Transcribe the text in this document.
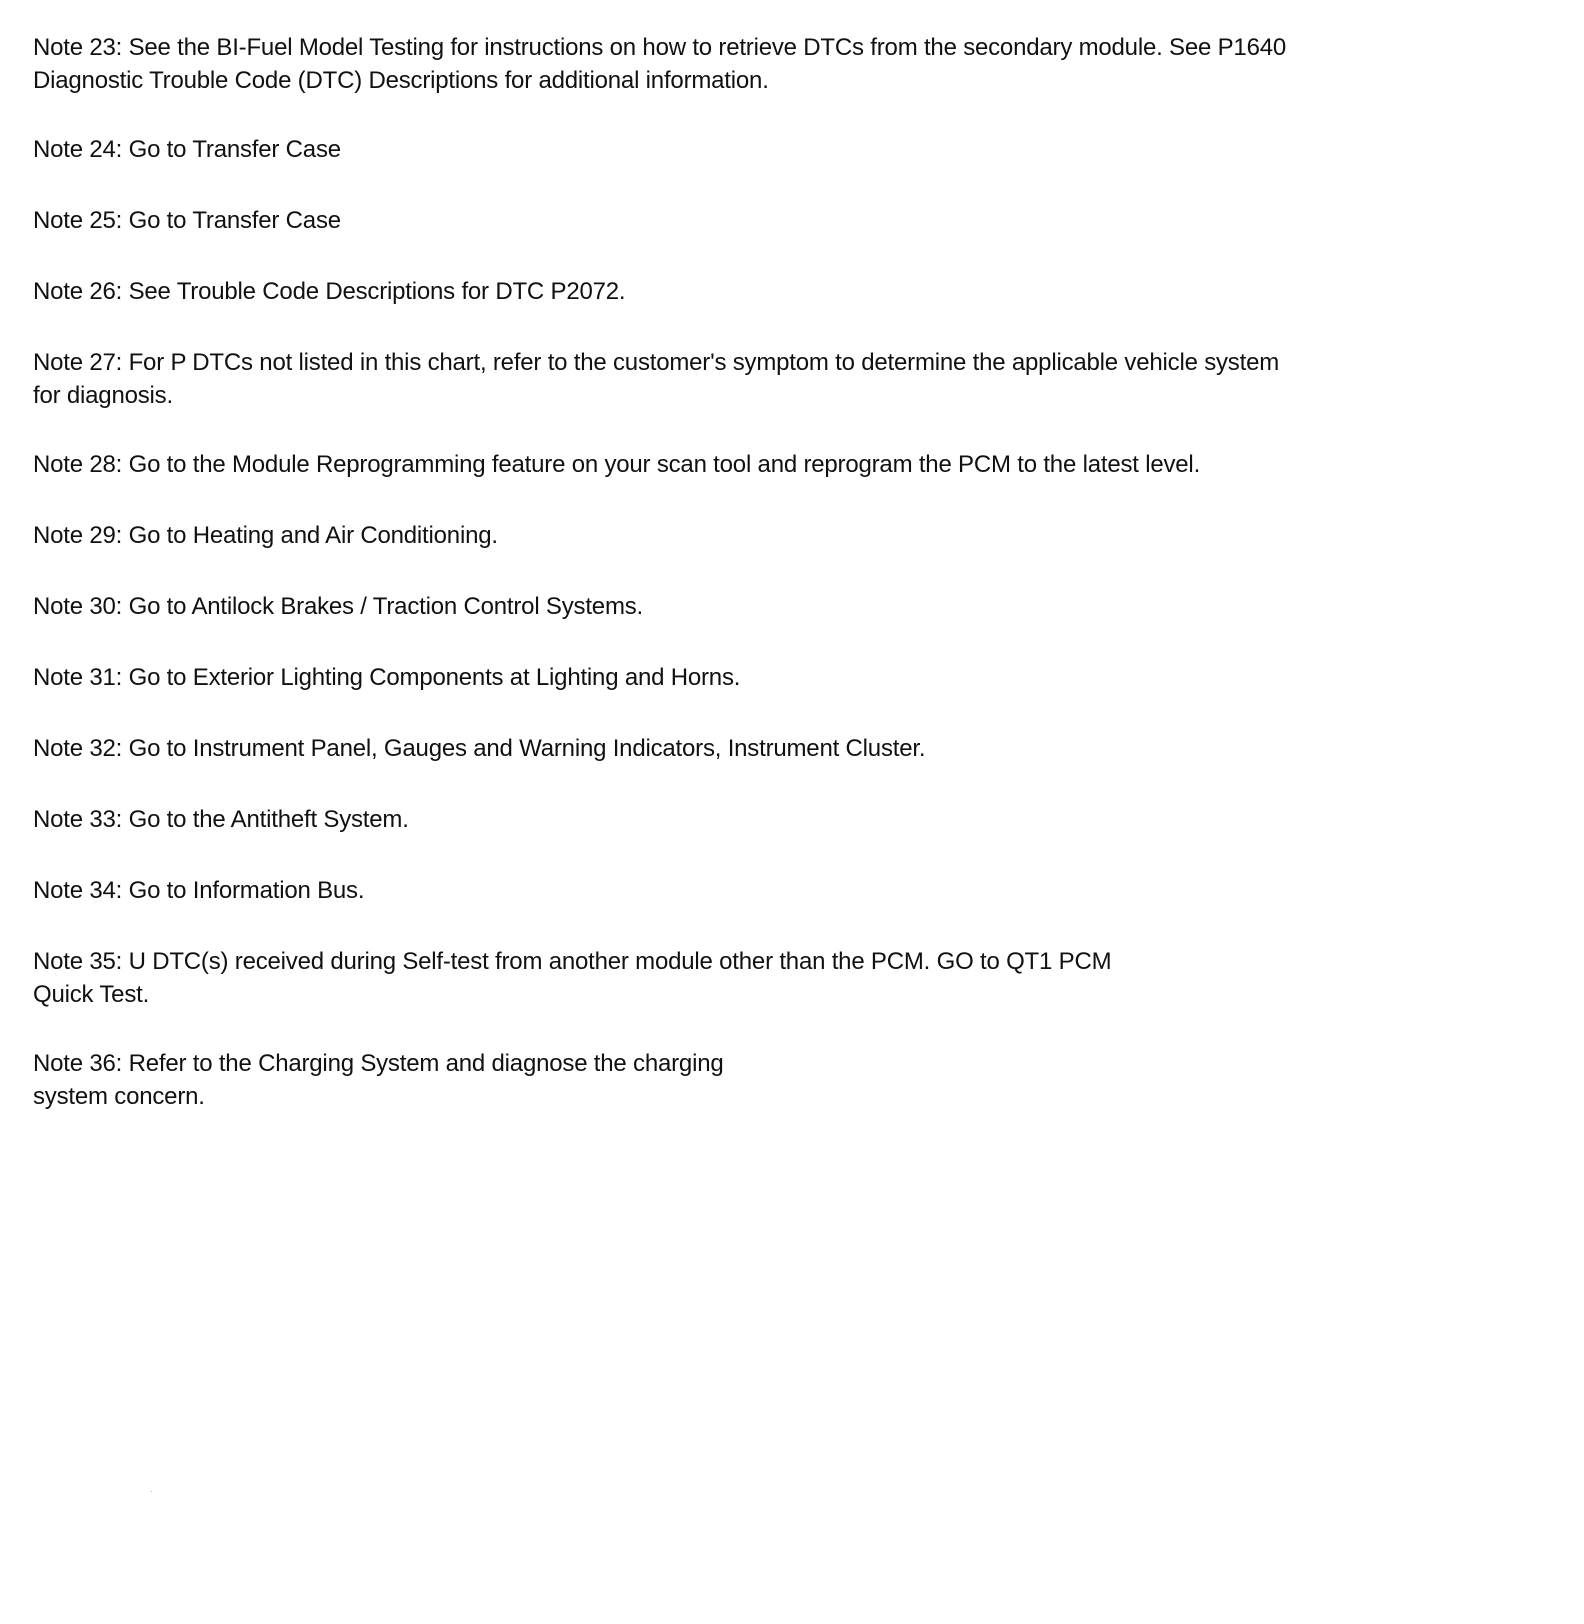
Note 23: See the BI-Fuel Model Testing for instructions on how to retrieve DTCs from the secondary module. See P1640
Diagnostic Trouble Code (DTC) Descriptions for additional information.
Note 24: Go to Transfer Case
Note 25: Go to Transfer Case
Note 26: See Trouble Code Descriptions for DTC P2072.
Note 27: For P DTCs not listed in this chart, refer to the customer's symptom to determine the applicable vehicle system
for diagnosis.
Note 28: Go to the Module Reprogramming feature on your scan tool and reprogram the PCM to the latest level.
Note 29: Go to Heating and Air Conditioning.
Note 30: Go to Antilock Brakes / Traction Control Systems.
Note 31: Go to Exterior Lighting Components at Lighting and Horns.
Note 32: Go to Instrument Panel, Gauges and Warning Indicators, Instrument Cluster.
Note 33: Go to the Antitheft System.
Note 34: Go to Information Bus.
Note 35: U DTC(s) received during Self-test from another module other than the PCM. GO to QT1 PCM
Quick Test.
Note 36: Refer to the Charging System and diagnose the charging
system concern.
